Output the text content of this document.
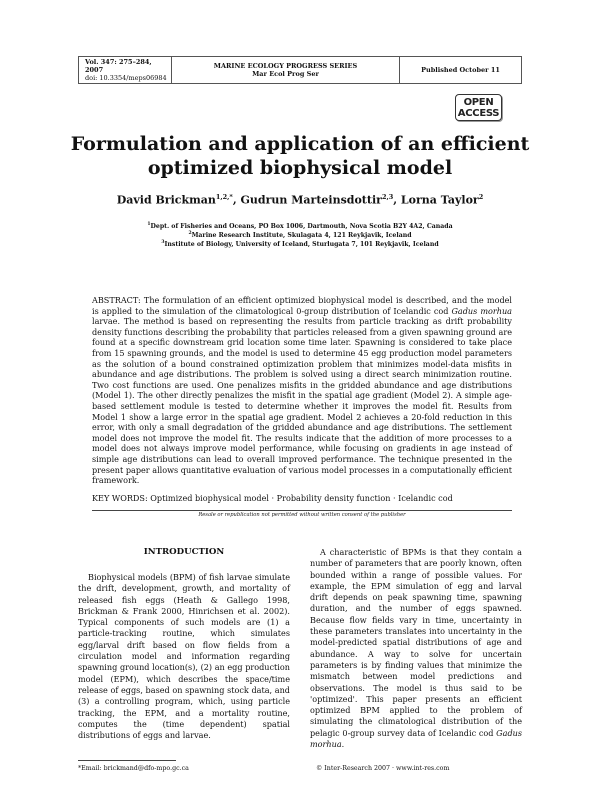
Vol. 347: 275–284, 2007
doi: 10.3354/meps06984
MARINE ECOLOGY PROGRESS SERIES
Mar Ecol Prog Ser	Published October 11
OPEN
ACCESS
Formulation and application of an efficient
optimized biophysical model
David Brickman$^{1,2,*}$, Gudrun Marteinsdottir$^{2,3}$, Lorna Taylor$^2$
$^1$Dept. of Fisheries and Oceans, PO Box 1006, Dartmouth, Nova Scotia B2Y 4A2, Canada
$^2$Marine Research Institute, Skulagata 4, 121 Reykjavik, Iceland
$^3$Institute of Biology, University of Iceland, Sturlugata 7, 101 Reykjavik, Iceland
ABSTRACT: The formulation of an efficient optimized biophysical model is described, and the model is applied to the simulation of the climatological 0-group distribution of Icelandic cod Gadus morhua larvae. The method is based on representing the results from particle tracking as drift probability density functions describing the probability that particles released from a given spawning ground are found at a specific downstream grid location some time later. Spawning is considered to take place from 15 spawning grounds, and the model is used to determine 45 egg production model parameters as the solution of a bound constrained optimization problem that minimizes model-data misfits in abundance and age distributions. The problem is solved using a direct search minimization routine. Two cost functions are used. One penalizes misfits in the gridded abundance and age distributions (Model 1). The other directly penalizes the misfit in the spatial age gradient (Model 2). A simple age-based settlement module is tested to determine whether it improves the model fit. Results from Model 1 show a large error in the spatial age gradient. Model 2 achieves a 20-fold reduction in this error, with only a small degradation of the gridded abundance and age distributions. The settlement model does not improve the model fit. The results indicate that the addition of more processes to a model does not always improve model performance, while focusing on gradients in age instead of simple age distributions can lead to overall improved performance. The technique presented in the present paper allows quantitative evaluation of various model processes in a computationally efficient framework.
KEY WORDS: Optimized biophysical model · Probability density function · Icelandic cod
Resale or republication not permitted without written consent of the publisher
INTRODUCTION

Biophysical models (BPM) of fish larvae simulate the drift, development, growth, and mortality of released fish eggs (Heath & Gallego 1998, Brickman & Frank 2000, Hinrichsen et al. 2002). Typical components of such models are (1) a particle-tracking routine, which simulates egg/larval drift based on flow fields from a circulation model and information regarding spawning ground location(s), (2) an egg production model (EPM), which describes the space/time release of eggs, based on spawning stock data, and (3) a controlling program, which, using particle tracking, the EPM, and a mortality routine, computes the (time dependent) spatial distributions of eggs and larvae.

A characteristic of BPMs is that they contain a number of parameters that are poorly known, often bounded within a range of possible values. For example, the EPM simulation of egg and larval drift depends on peak spawning time, spawning duration, and the number of eggs spawned. Because flow fields vary in time, uncertainty in these parameters translates into uncertainty in the model-predicted spatial distributions of age and abundance. A way to solve for uncertain parameters is by finding values that minimize the mismatch between model predictions and observations. The model is thus said to be 'optimized'. This paper presents an efficient optimized BPM applied to the problem of simulating the climatological distribution of the pelagic 0-group survey data of Icelandic cod Gadus morhua.

*Email: brickmand@dfo-mpo.gc.ca	© Inter-Research 2007 · www.int-res.com
